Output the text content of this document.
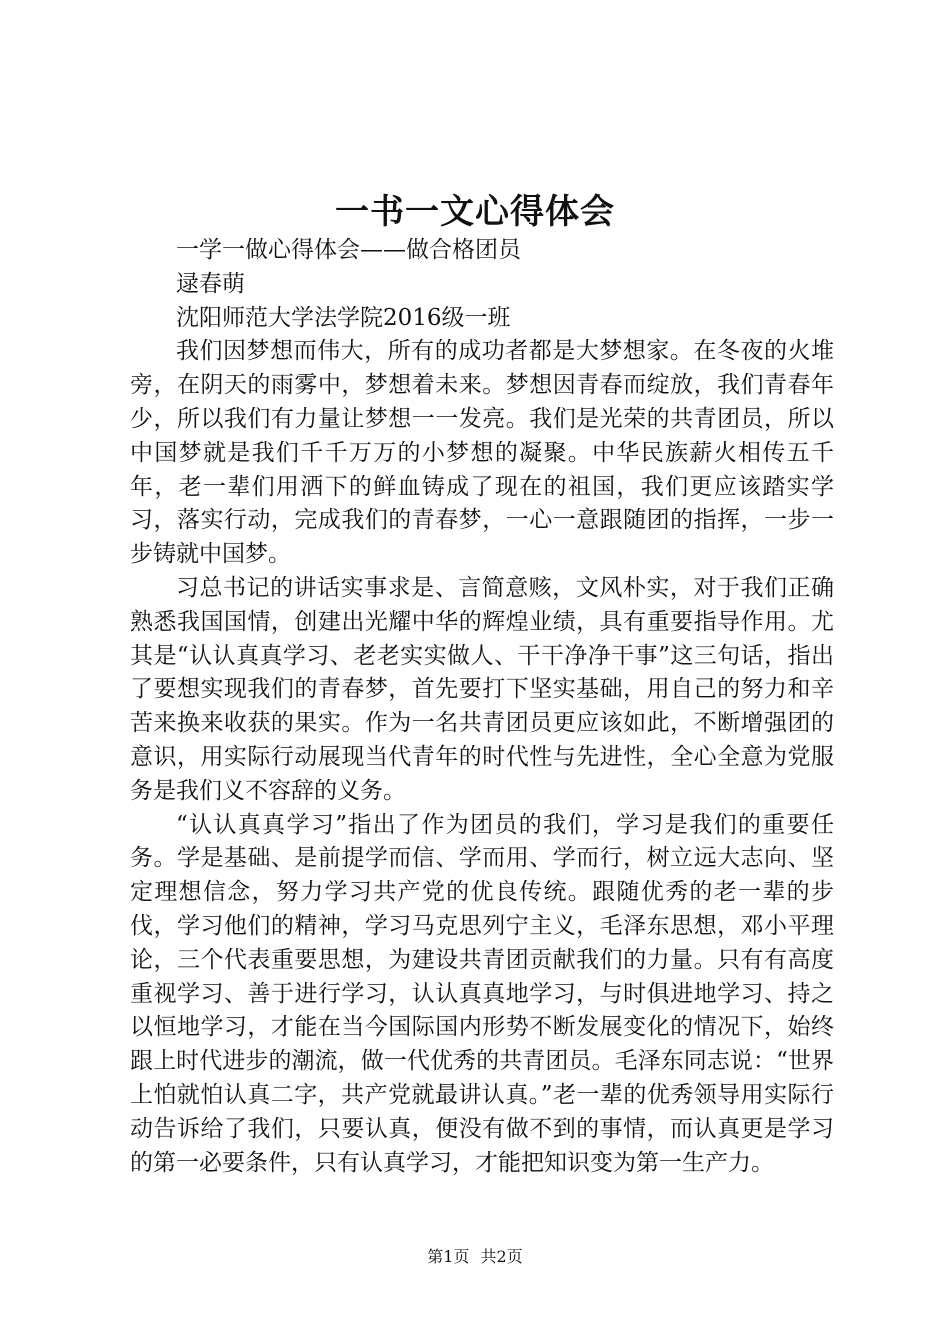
一书一文心得体会

一学一做心得体会——做合格团员

逯春萌

沈阳师范大学法学院2016级一班

我们因梦想而伟大，所有的成功者都是大梦想家。在冬夜的火堆旁，在阴天的雨雾中，梦想着未来。梦想因青春而绽放，我们青春年少，所以我们有力量让梦想一一发亮。我们是光荣的共青团员，所以中国梦就是我们千千万万的小梦想的凝聚。中华民族薪火相传五千年，老一辈们用洒下的鲜血铸成了现在的祖国，我们更应该踏实学习，落实行动，完成我们的青春梦，一心一意跟随团的指挥，一步一步铸就中国梦。

习总书记的讲话实事求是、言简意赅，文风朴实，对于我们正确熟悉我国国情，创建出光耀中华的辉煌业绩，具有重要指导作用。尤其是“认认真真学习、老老实实做人、干干净净干事”这三句话，指出了要想实现我们的青春梦，首先要打下坚实基础，用自己的努力和辛苦来换来收获的果实。作为一名共青团员更应该如此，不断增强团的意识，用实际行动展现当代青年的时代性与先进性，全心全意为党服务是我们义不容辞的义务。

“认认真真学习”指出了作为团员的我们，学习是我们的重要任务。学是基础、是前提学而信、学而用、学而行，树立远大志向、坚定理想信念，努力学习共产党的优良传统。跟随优秀的老一辈的步伐，学习他们的精神，学习马克思列宁主义，毛泽东思想，邓小平理论，三个代表重要思想，为建设共青团贡献我们的力量。只有有高度重视学习、善于进行学习，认认真真地学习，与时俱进地学习、持之以恒地学习，才能在当今国际国内形势不断发展变化的情况下，始终跟上时代进步的潮流，做一代优秀的共青团员。毛泽东同志说：“世界上怕就怕认真二字，共产党就最讲认真。”老一辈的优秀领导用实际行动告诉给了我们，只要认真，便没有做不到的事情，而认真更是学习的第一必要条件，只有认真学习，才能把知识变为第一生产力。

第1页 共2页
